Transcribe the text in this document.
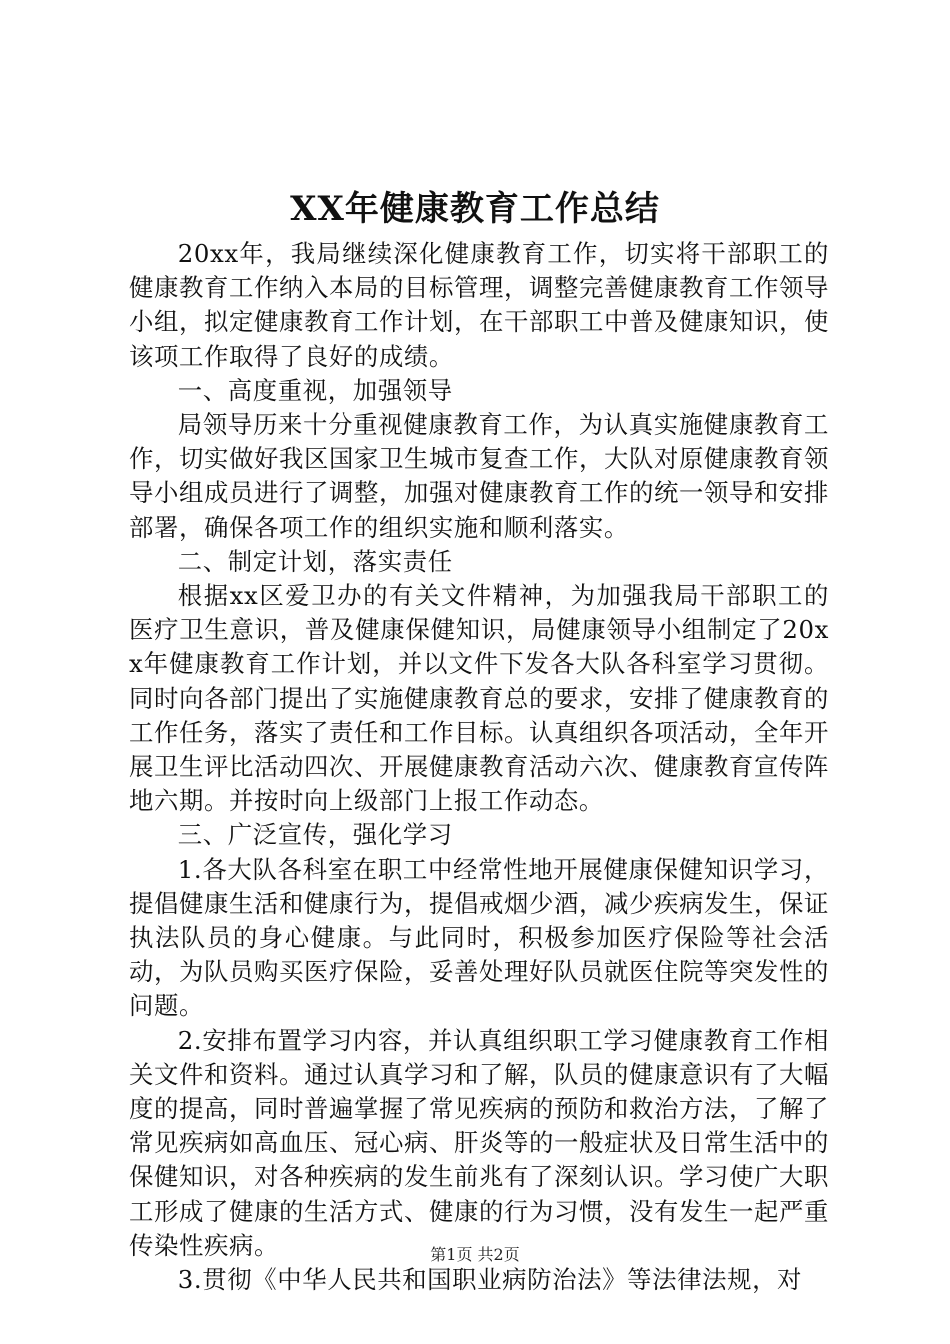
XX年健康教育工作总结

20xx年，我局继续深化健康教育工作，切实将干部职工的健康教育工作纳入本局的目标管理，调整完善健康教育工作领导小组，拟定健康教育工作计划，在干部职工中普及健康知识，使该项工作取得了良好的成绩。

一、高度重视，加强领导

局领导历来十分重视健康教育工作，为认真实施健康教育工作，切实做好我区国家卫生城市复查工作，大队对原健康教育领导小组成员进行了调整，加强对健康教育工作的统一领导和安排部署，确保各项工作的组织实施和顺利落实。

二、制定计划，落实责任

根据xx区爱卫办的有关文件精神，为加强我局干部职工的医疗卫生意识，普及健康保健知识，局健康领导小组制定了20xx年健康教育工作计划，并以文件下发各大队各科室学习贯彻。同时向各部门提出了实施健康教育总的要求，安排了健康教育的工作任务，落实了责任和工作目标。认真组织各项活动，全年开展卫生评比活动四次、开展健康教育活动六次、健康教育宣传阵地六期。并按时向上级部门上报工作动态。

三、广泛宣传，强化学习

1.各大队各科室在职工中经常性地开展健康保健知识学习，提倡健康生活和健康行为，提倡戒烟少酒，减少疾病发生，保证执法队员的身心健康。与此同时，积极参加医疗保险等社会活动，为队员购买医疗保险，妥善处理好队员就医住院等突发性的问题。

2.安排布置学习内容，并认真组织职工学习健康教育工作相关文件和资料。通过认真学习和了解，队员的健康意识有了大幅度的提高，同时普遍掌握了常见疾病的预防和救治方法，了解了常见疾病如高血压、冠心病、肝炎等的一般症状及日常生活中的保健知识，对各种疾病的发生前兆有了深刻认识。学习使广大职工形成了健康的生活方式、健康的行为习惯，没有发生一起严重传染性疾病。

3.贯彻《中华人民共和国职业病防治法》等法律法规，对

第1页 共2页
